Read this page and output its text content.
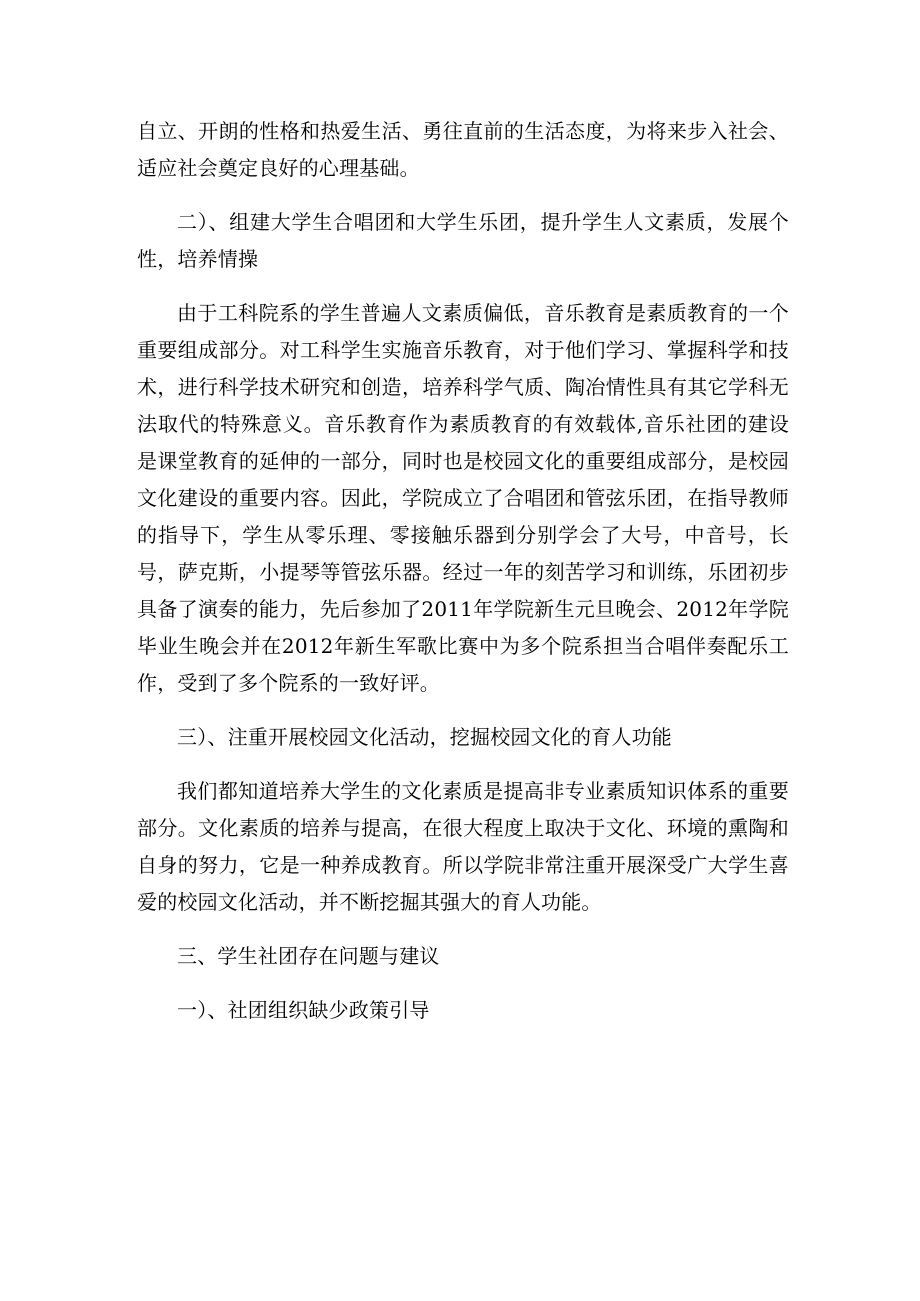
自立、开朗的性格和热爱生活、勇往直前的生活态度，为将来步入社会、适应社会奠定良好的心理基础。

二）、组建大学生合唱团和大学生乐团，提升学生人文素质，发展个性，培养情操

由于工科院系的学生普遍人文素质偏低，音乐教育是素质教育的一个重要组成部分。对工科学生实施音乐教育，对于他们学习、掌握科学和技术，进行科学技术研究和创造，培养科学气质、陶冶情性具有其它学科无法取代的特殊意义。音乐教育作为素质教育的有效载体,音乐社团的建设是课堂教育的延伸的一部分，同时也是校园文化的重要组成部分，是校园文化建设的重要内容。因此，学院成立了合唱团和管弦乐团，在指导教师的指导下，学生从零乐理、零接触乐器到分别学会了大号，中音号，长号，萨克斯，小提琴等管弦乐器。经过一年的刻苦学习和训练，乐团初步具备了演奏的能力，先后参加了2011年学院新生元旦晚会、2012年学院毕业生晚会并在2012年新生军歌比赛中为多个院系担当合唱伴奏配乐工作，受到了多个院系的一致好评。

三）、注重开展校园文化活动，挖掘校园文化的育人功能

我们都知道培养大学生的文化素质是提高非专业素质知识体系的重要部分。文化素质的培养与提高，在很大程度上取决于文化、环境的熏陶和自身的努力，它是一种养成教育。所以学院非常注重开展深受广大学生喜爱的校园文化活动，并不断挖掘其强大的育人功能。

三、学生社团存在问题与建议

一）、社团组织缺少政策引导
